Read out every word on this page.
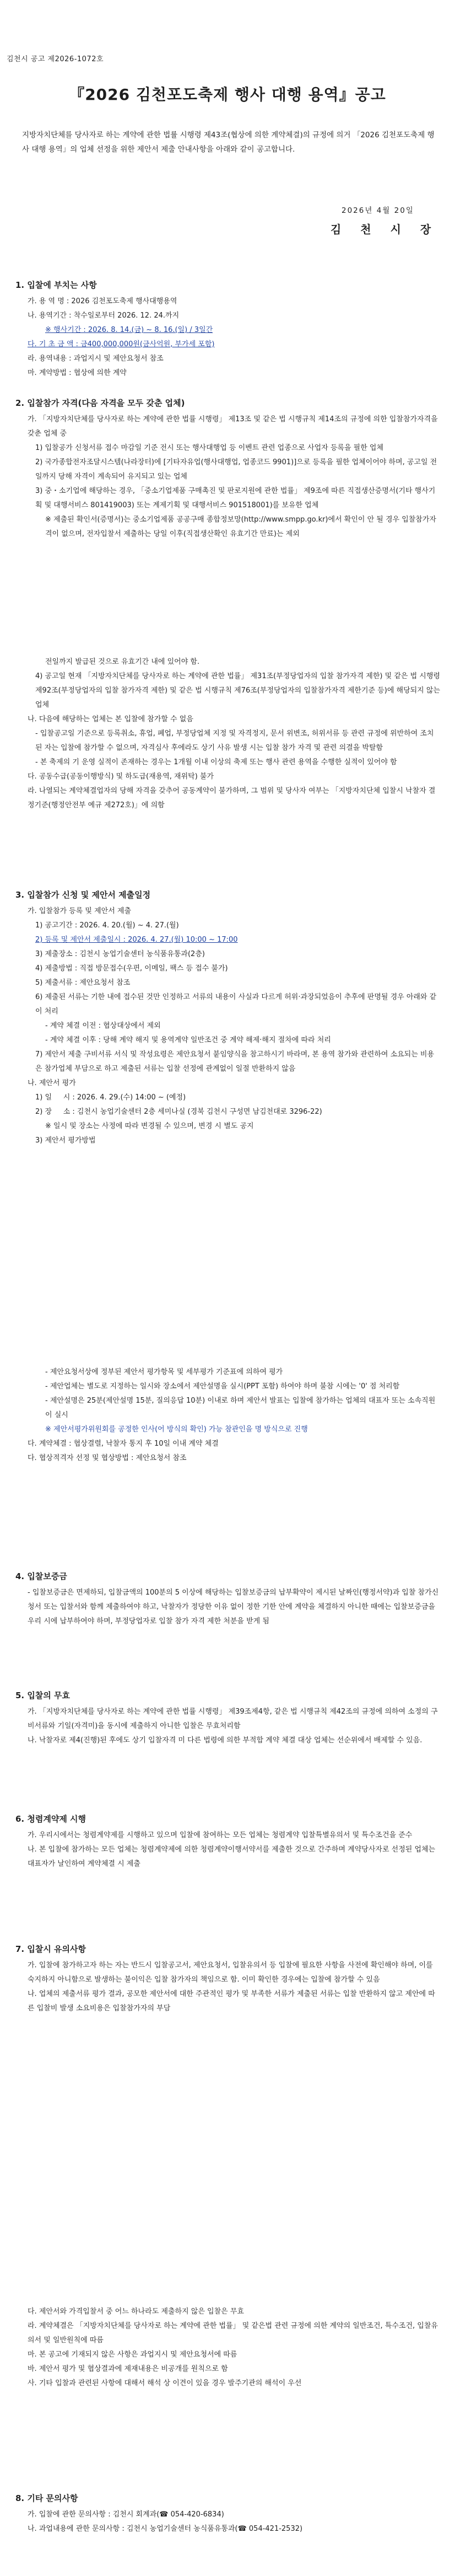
김천시 공고 제2026-1072호
『2026 김천포도축제 행사 대행 용역』공고
지방자치단체를 당사자로 하는 계약에 관한 법률 시행령 제43조(협상에 의한 계약체결)의 규정에 의거 「2026 김천포도축제 행사 대행 용역」의 업체 선정을 위한 제안서 제출 안내사항을 아래와 같이 공고합니다.
2026년 4월 20일
김 천 시 장
1. 입찰에 부치는 사항
가. 용 역 명 : 2026 김천포도축제 행사대행용역
나. 용역기간 : 착수일로부터 2026. 12. 24.까지
※ 행사기간 : 2026. 8. 14.(금) ~ 8. 16.(일) / 3일간
다. 기 초 금 액 : 금400,000,000원(금사억원, 부가세 포함)
라. 용역내용 : 과업지시 및 제안요청서 참조
마. 계약방법 : 협상에 의한 계약
2. 입찰참가 자격(다음 자격을 모두 갖춘 업체)
가. 「지방자치단체를 당사자로 하는 계약에 관한 법률 시행령」 제13조 및 같은 법 시행규칙 제14조의 규정에 의한 입찰참가자격을 갖춘 업체 중
1) 입찰공가 신청서류 접수 마감일 기준 전시 또는 행사대행업 등 이벤트 관련 업종으로 사업자 등록을 필한 업체
2) 국가종합전자조달시스템(나라장터)에 [기타자유업(행사대행업, 업종코드 9901)]으로 등록을 필한 업체이어야 하며, 공고일 전일까지 당해 자격이 계속되어 유지되고 있는 업체
3) 중・소기업에 해당하는 경우, 「중소기업제품 구매촉진 및 판로지원에 관한 법률」 제9조에 따른 직접생산증명서(기타 행사기획 및 대행서비스 801419003) 또는 계제기획 및 대행서비스 901518001)를 보유한 업체
※ 제출된 확인서(증명서)는 중소기업제품 공공구매 종합정보망(http://www.smpp.go.kr)에서 확인이 안 될 경우 입찰참가자격이 없으며, 전자입찰서 제출하는 당일 이후(직접생산확인 유효기간 만료)는 제외
전일까지 발급된 것으로 유효기간 내에 있어야 함.
4) 공고일 현재 「지방자치단체를 당사자로 하는 계약에 관한 법률」 제31조(부정당업자의 입찰 참가자격 제한) 및 같은 법 시행령 제92조(부정당업자의 입찰 참가자격 제한) 및 같은 법 시행규칙 제76조(부정당업자의 입찰참가자격 제한기준 등)에 해당되지 않는 업체
나. 다음에 해당하는 업체는 본 입찰에 참가할 수 없음
- 입찰공고일 기준으로 등록취소, 휴업, 폐업, 부정당업체 지정 및 자격정지, 문서 위변조, 허위서류 등 관련 규정에 위반하여 조치된 자는 입찰에 참가할 수 없으며, 자격심사 후에라도 상기 사유 발생 시는 입찰 참가 자격 및 관련 의결을 박탈함
- 본 축제의 기 운영 실적이 존재하는 경우는 1개월 이내 이상의 축제 또는 행사 관련 용역을 수행한 실적이 있어야 함
다. 공동수급(공동이행방식) 및 하도급(재용역, 재위탁) 불가
라. 나열되는 계약체결업자의 당해 자격을 갖추어 공동계약이 불가하며, 그 범위 및 당사자 여부는 「지방자치단체 입찰시 낙찰자 결정기준(행정안전부 예규 제272호)」에 의함
3. 입찰참가 신청 및 제안서 제출일정
가. 입찰참가 등록 및 제안서 제출
1) 공고기간 : 2026. 4. 20.(월) ~ 4. 27.(월)
2) 등록 및 제안서 제출일시 : 2026. 4. 27.(월) 10:00 ~ 17:00
3) 제출장소 : 김천시 농업기술센터 농식품유통과(2층)
4) 제출방법 : 직접 방문접수(우편, 이메일, 팩스 등 접수 불가)
5) 제출서류 : 제안요청서 참조
6) 제출된 서류는 기한 내에 접수된 것만 인정하고 서류의 내용이 사실과 다르게 허위·과장되었음이 추후에 판명될 경우 아래와 같이 처리
- 계약 체결 이전 : 협상대상에서 제외
- 계약 체결 이후 : 당해 계약 해지 및 용역계약 일반조건 중 계약 해제·해지 절차에 따라 처리
7) 제안서 제출 구비서류 서식 및 작성요령은 제안요청서 붙임양식을 참고하시기 바라며, 본 용역 참가와 관련하여 소요되는 비용은 참가업체 부담으로 하고 제출된 서류는 입찰 선정에 관계없이 일절 반환하지 않음
나. 제안서 평가
1) 일     시 : 2026. 4. 29.(수) 14:00 ~ (예정)
2) 장     소 : 김천시 농업기술센터 2층 세미나실 (경북 김천시 구성면 남김천대로 3296-22)
※ 일시 및 장소는 사정에 따라 변경될 수 있으며, 변경 시 별도 공지
3) 제안서 평가방법
- 제안요청서상에 정부된 제안서 평가항목 및 세부평가 기준표에 의하여 평가
- 제안업체는 별도로 지정하는 일시와 장소에서 제안설명을 실시(PPT 포함) 하여야 하며 불참 시에는 '0' 점 처리함
- 제안설명은 25분(제안설명 15분, 질의응답 10분) 이내로 하며 제안서 발표는 입찰에 참가하는 업체의 대표자 또는 소속직원이 실시
※ 제안서평가위원회를 공정한 인사(어 방식의 확인) 가능 참관인을 명 방식으로 진행
다. 계약체결 : 협상결렬, 낙찰자 통지 후 10일 이내 계약 체결
다. 협상적격자 선정 및 협상방법 : 제안요청서 참조
4. 입찰보증금
- 입찰보증금은 면제하되, 입찰금액의 100분의 5 이상에 해당하는 입찰보증금의 납부확약이 제시된 날짜인(행정서약)과 입찰 참가신청서 또는 입찰서와 함께 제출하여야 하고, 낙찰자가 정당한 이유 없이 정한 기한 안에 계약을 체결하지 아니한 때에는 입찰보증금을 우리 시에 납부하여야 하며, 부정당업자로 입찰 참가 자격 제한 처분을 받게 됨
5. 입찰의 무효
가. 「지방자치단체를 당사자로 하는 계약에 관한 법률 시행령」 제39조제4항, 같은 법 시행규칙 제42조의 규정에 의하여 소정의 구비서류와 기일(자격미)을 동시에 제출하지 아니한 입찰은 무효처리함
나. 낙찰자로 제4(진행)된 후에도 상기 입찰자격 미 다른 법령에 의한 부적합 계약 체결 대상 업체는 선순위에서 배제할 수 있음.
6. 청렴계약제 시행
가. 우리시에서는 청렴계약제를 시행하고 있으며 입찰에 참여하는 모든 업체는 청렴계약 입찰특별유의서 및 특수조건을 준수
나. 본 입찰에 참가하는 모든 업체는 청렴계약제에 의한 청렴계약이행서약서를 제출한 것으로 간주하며 계약당사자로 선정된 업체는 대표자가 날인하여 계약체결 시 제출
7. 입찰시 유의사항
가. 입찰에 참가하고자 하는 자는 반드시 입찰공고서, 제안요청서, 입찰유의서 등 입찰에 필요한 사항을 사전에 확인해야 하며, 이를 숙지하지 아니함으로 발생하는 불이익은 입찰 참가자의 책임으로 함. 이미 확인한 경우에는 입찰에 참가할 수 있음
나. 업체의 제출서류 평가 결과, 공모한 제안서에 대한 주관적인 평가 및 부족한 서류가 제출된 서류는 입찰 반환하지 않고 제안에 따른 입찰비 발생 소요비용은 입찰참가자의 부담
다. 제안서와 가격입찰서 중 어느 하나라도 제출하지 않은 입찰은 무효
라. 계약체결은 「지방자치단체를 당사자로 하는 계약에 관한 법률」 및 같은법 관련 규정에 의한 계약의 일반조건, 특수조건, 입찰유의서 및 일반원칙에 따름
마. 본 공고에 기재되지 않은 사항은 과업지시 및 제안요청서에 따름
바. 제안서 평가 및 협상결과에 제재내용은 비공개를 원칙으로 함
사. 기타 입찰과 관련된 사항에 대해서 해석 상 이견이 있을 경우 발주기관의 해석이 우선
8. 기타 문의사항
가. 입찰에 관한 문의사항 : 김천시 회계과(☎ 054-420-6834)
나. 과업내용에 관한 문의사항 : 김천시 농업기술센터 농식품유통과(☎ 054-421-2532)
